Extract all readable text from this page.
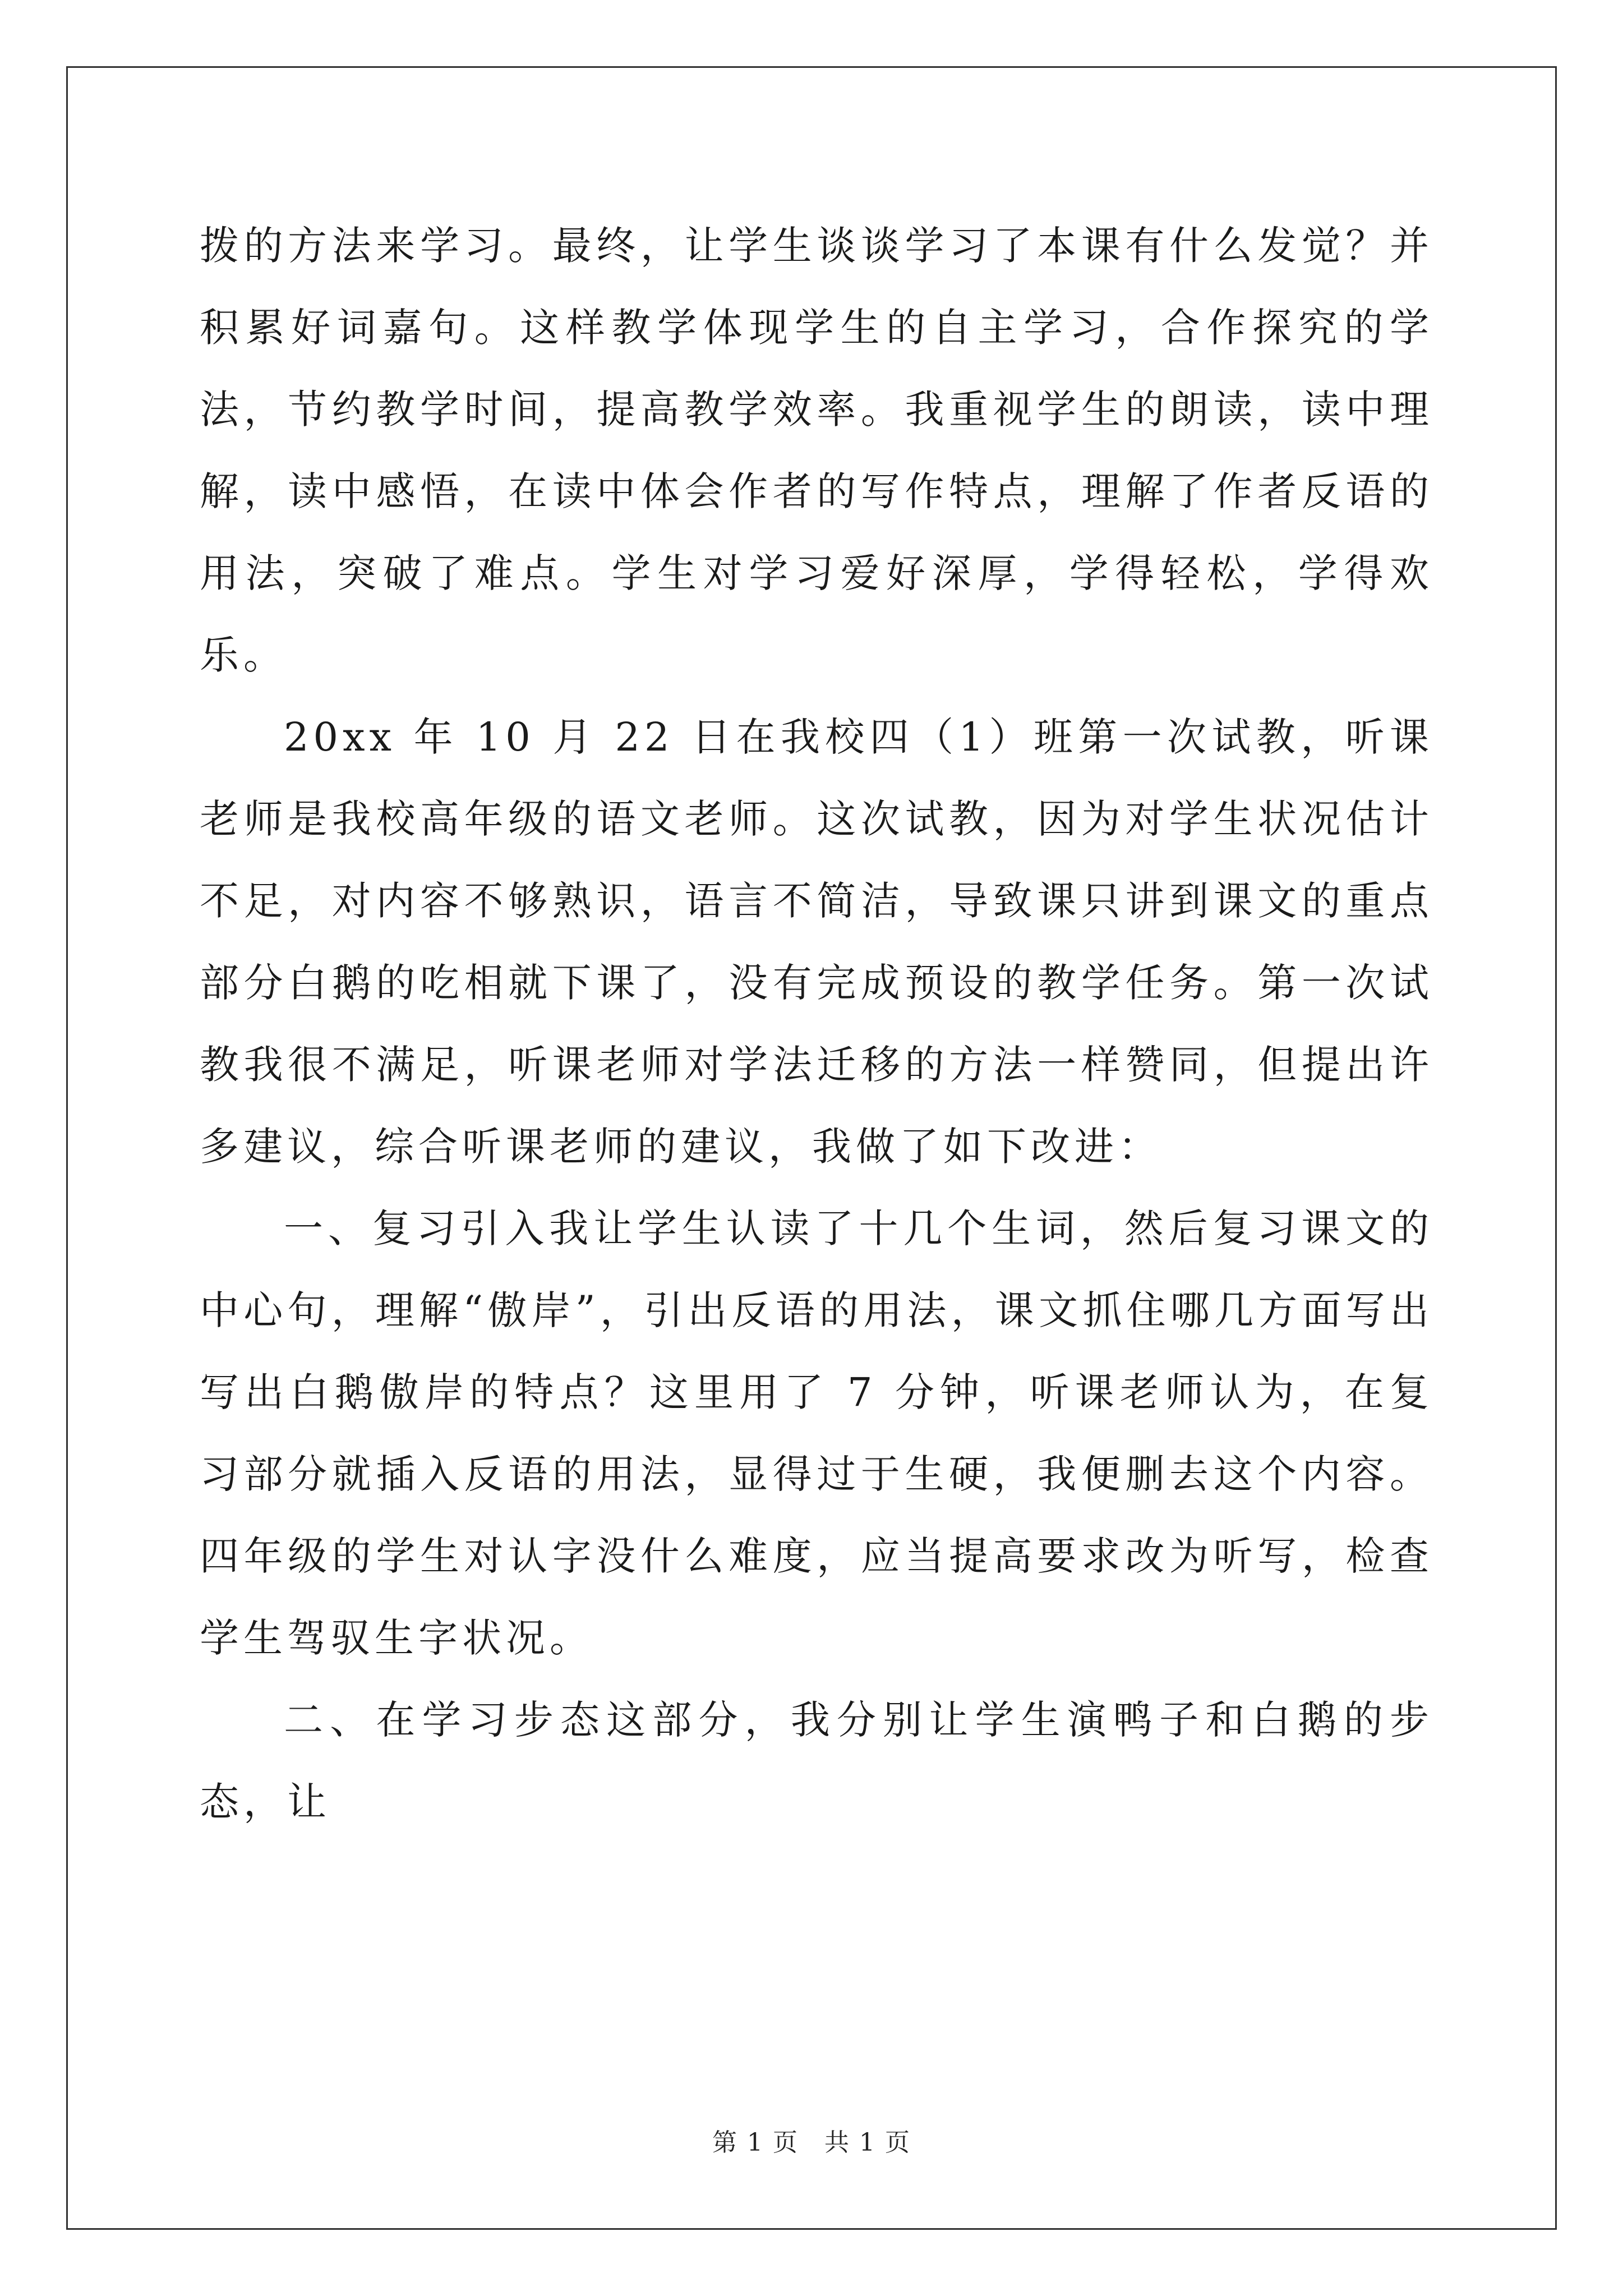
拨的方法来学习。最终，让学生谈谈学习了本课有什么发觉？并积累好词嘉句。这样教学体现学生的自主学习，合作探究的学法，节约教学时间，提高教学效率。我重视学生的朗读，读中理解，读中感悟，在读中体会作者的写作特点，理解了作者反语的用法，突破了难点。学生对学习爱好深厚，学得轻松，学得欢乐。

20xx 年 10 月 22 日在我校四（1）班第一次试教，听课老师是我校高年级的语文老师。这次试教，因为对学生状况估计不足，对内容不够熟识，语言不简洁，导致课只讲到课文的重点部分白鹅的吃相就下课了，没有完成预设的教学任务。第一次试教我很不满足，听课老师对学法迁移的方法一样赞同，但提出许多建议，综合听课老师的建议，我做了如下改进：

一、复习引入我让学生认读了十几个生词，然后复习课文的中心句，理解“傲岸”，引出反语的用法，课文抓住哪几方面写出写出白鹅傲岸的特点？这里用了 7 分钟，听课老师认为，在复习部分就插入反语的用法，显得过于生硬，我便删去这个内容。四年级的学生对认字没什么难度，应当提高要求改为听写，检查学生驾驭生字状况。

二、在学习步态这部分，我分别让学生演鸭子和白鹅的步态，让

第 1 页　共 1 页
